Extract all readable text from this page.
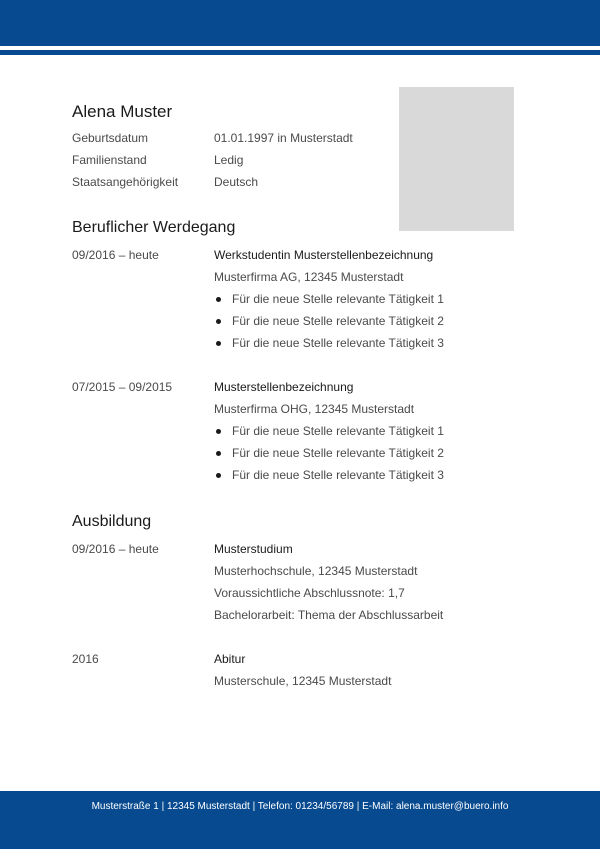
Alena Muster
Geburtsdatum	01.01.1997 in Musterstadt
Familienstand	Ledig
Staatsangehörigkeit	Deutsch
Beruflicher Werdegang
09/2016 – heute	Werkstudentin Musterstellenbezeichnung
Musterfirma AG, 12345 Musterstadt
Für die neue Stelle relevante Tätigkeit 1
Für die neue Stelle relevante Tätigkeit 2
Für die neue Stelle relevante Tätigkeit 3
07/2015 – 09/2015	Musterstellenbezeichnung
Musterfirma OHG, 12345 Musterstadt
Für die neue Stelle relevante Tätigkeit 1
Für die neue Stelle relevante Tätigkeit 2
Für die neue Stelle relevante Tätigkeit 3
Ausbildung
09/2016 – heute	Musterstudium
Musterhochschule, 12345 Musterstadt
Voraussichtliche Abschlussnote: 1,7
Bachelorarbeit: Thema der Abschlussarbeit
2016	Abitur
Musterschule, 12345 Musterstadt
Musterstraße 1 | 12345 Musterstadt | Telefon: 01234/56789 | E-Mail: alena.muster@buero.info
